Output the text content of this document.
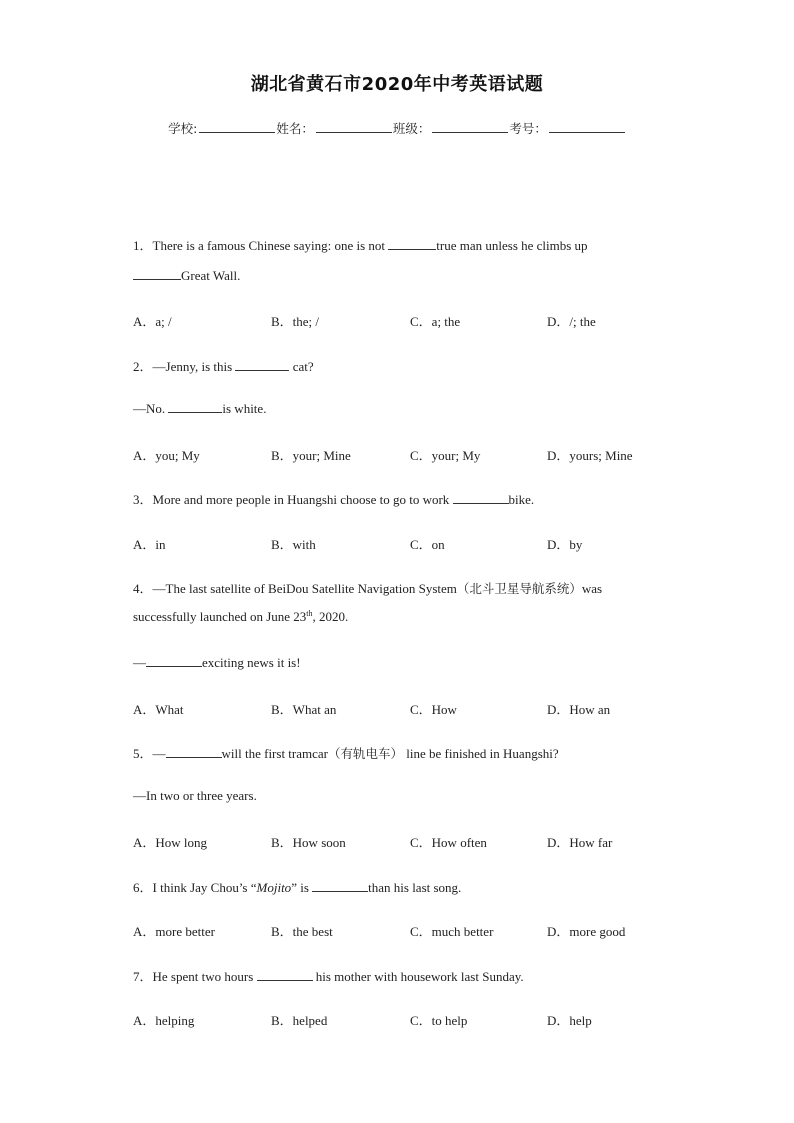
湖北省黄石市2020年中考英语试题
学校:	姓名：	班级：	考号：
1．There is a famous Chinese saying: one is not	true man unless he climbs up
Great Wall.
A．a; /	B．the; /	C．a; the	D．/; the
2．—Jenny, is this	cat?
—No.	is white.
A．you; My	B．your; Mine	C．your; My	D．yours; Mine
3．More and more people in Huangshi choose to go to work	bike.
A．in	B．with	C．on	D．by
4．—The last satellite of BeiDou Satellite Navigation System（北斗卫星导航系统）was
successfully launched on June 23th, 2020.
—	exciting news it is!
A．What	B．What an	C．How	D．How an
5．—	will the first tramcar（有轨电车） line be finished in Huangshi?
—In two or three years.
A．How long	B．How soon	C．How often	D．How far
6．I think Jay Chou’s “Mojito” is	than his last song.
A．more better	B．the best	C．much better	D．more good
7．He spent two hours	his mother with housework last Sunday.
A．helping	B．helped	C．to help	D．help
